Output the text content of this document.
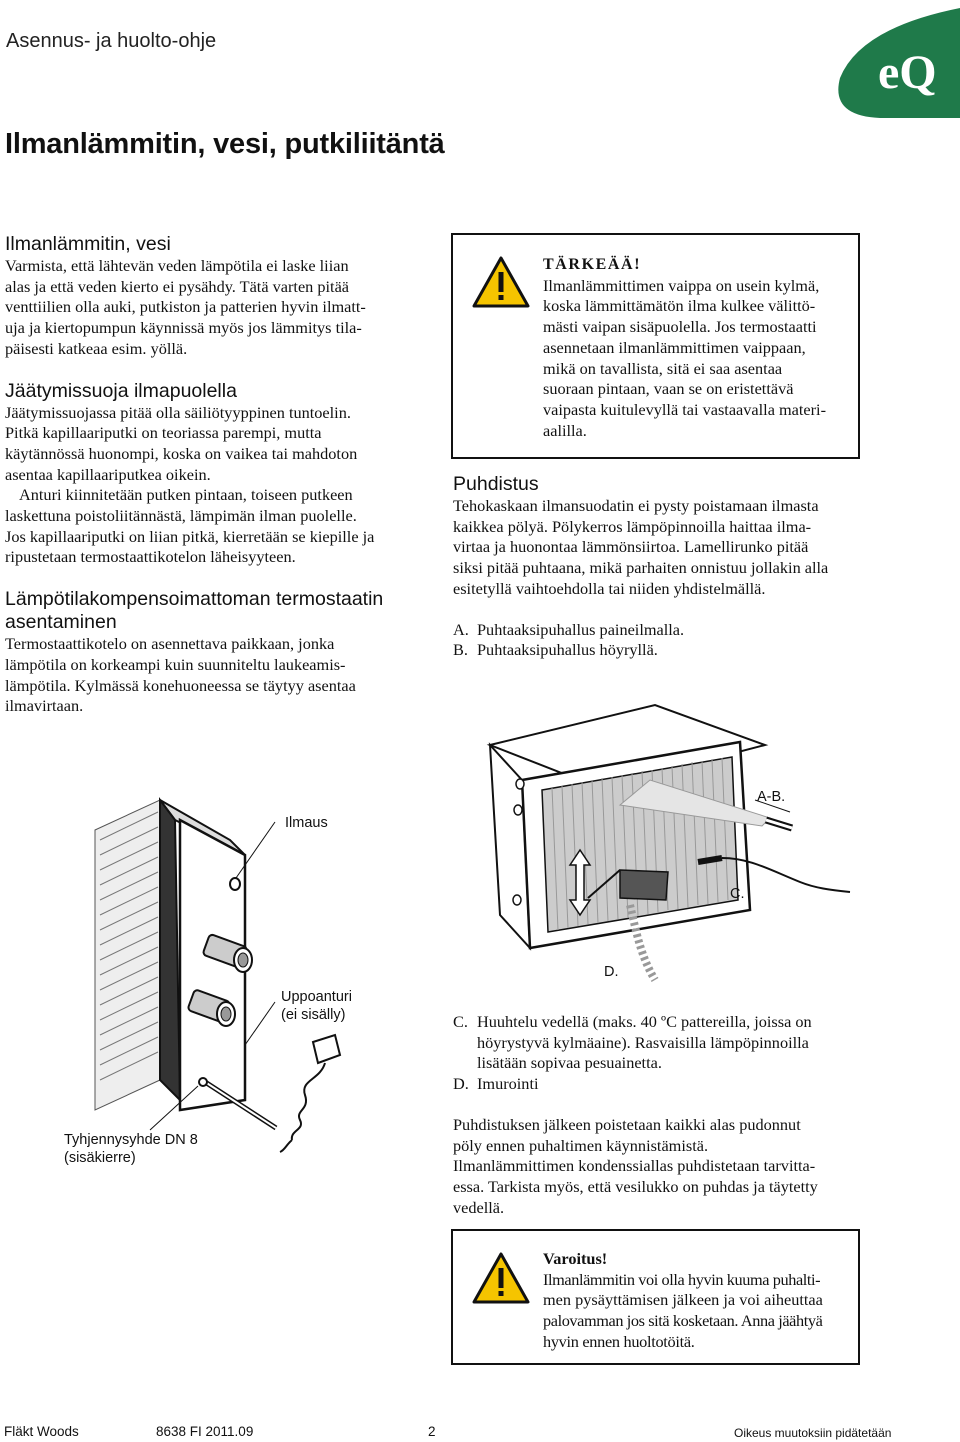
Asennus- ja huolto-ohje
eQ
Ilmanlämmitin, vesi, putkiliitäntä
Ilmanlämmitin, vesi

Varmista, että lähtevän veden lämpötila ei laske liian
alas ja että veden kierto ei pysähdy. Tätä varten pitää
venttiilien olla auki, putkiston ja patterien hyvin ilmatt-
uja ja kiertopumpun käynnissä myös jos lämmitys tila-
päisesti katkeaa esim. yöllä.

Jäätymissuoja ilmapuolella

Jäätymissuojassa pitää olla säiliötyyppinen tuntoelin.
Pitkä kapillaariputki on teoriassa parempi, mutta
käytännössä huonompi, koska on vaikea tai mahdoton
asentaa kapillaariputkea oikein.

Anturi kiinnitetään putken pintaan, toiseen putkeen
laskettuna poistoliitännästä, lämpimän ilman puolelle.
Jos kapillaariputki on liian pitkä, kierretään se kiepille ja
ripustetaan termostaattikotelon läheisyyteen.

Lämpötilakompensoimattoman termostaatin
asentaminen

Termostaattikotelo on asennettava paikkaan, jonka
lämpötila on korkeampi kuin suunniteltu laukeamis-
lämpötila. Kylmässä konehuoneessa se täytyy asentaa
ilmavirtaan.

TÄRKEÄÄ!
Ilmanlämmittimen vaippa on usein kylmä,
koska lämmittämätön ilma kulkee välittö-
mästi vaipan sisäpuolella. Jos termostaatti
asennetaan ilmanlämmittimen vaippaan,
mikä on tavallista, sitä ei saa asentaa
suoraan pintaan, vaan se on eristettävä
vaipasta kuitulevyllä tai vastaavalla materi-
aalilla.
Puhdistus

Tehokaskaan ilmansuodatin ei pysty poistamaan ilmasta
kaikkea pölyä. Pölykerros lämpöpinnoilla haittaa ilma-
virtaa ja huonontaa lämmönsiirtoa. Lamellirunko pitää
siksi pitää puhtaana, mikä parhaiten onnistuu jollakin alla
esitetyllä vaihtoehdolla tai niiden yhdistelmällä.

A. Puhtaaksipuhallus paineilmalla.
B. Puhtaaksipuhallus höyryllä.
C. Huuhtelu vedellä (maks. 40 ºC pattereilla, joissa on
höyrystyvä kylmäaine). Rasvaisilla lämpöpinnoilla
lisätään sopivaa pesuainetta.
D. Imurointi

Puhdistuksen jälkeen poistetaan kaikki alas pudonnut
pöly ennen puhaltimen käynnistämistä.
Ilmanlämmittimen kondenssiallas puhdistetaan tarvitta-
essa. Tarkista myös, että vesilukko on puhdas ja täytetty
vedellä.

Ilmaus
Uppoanturi
(ei sisälly)
Tyhjennysyhde DN 8
(sisäkierre)
A-B.
C.
D.
Varoitus!
Ilmanlämmitin voi olla hyvin kuuma puhalti-
men pysäyttämisen jälkeen ja voi aiheuttaa
palovamman jos sitä kosketaan. Anna jäähtyä
hyvin ennen huoltotöitä.
Fläkt Woods	8638 FI 2011.09	2	Oikeus muutoksiin pidätetään
